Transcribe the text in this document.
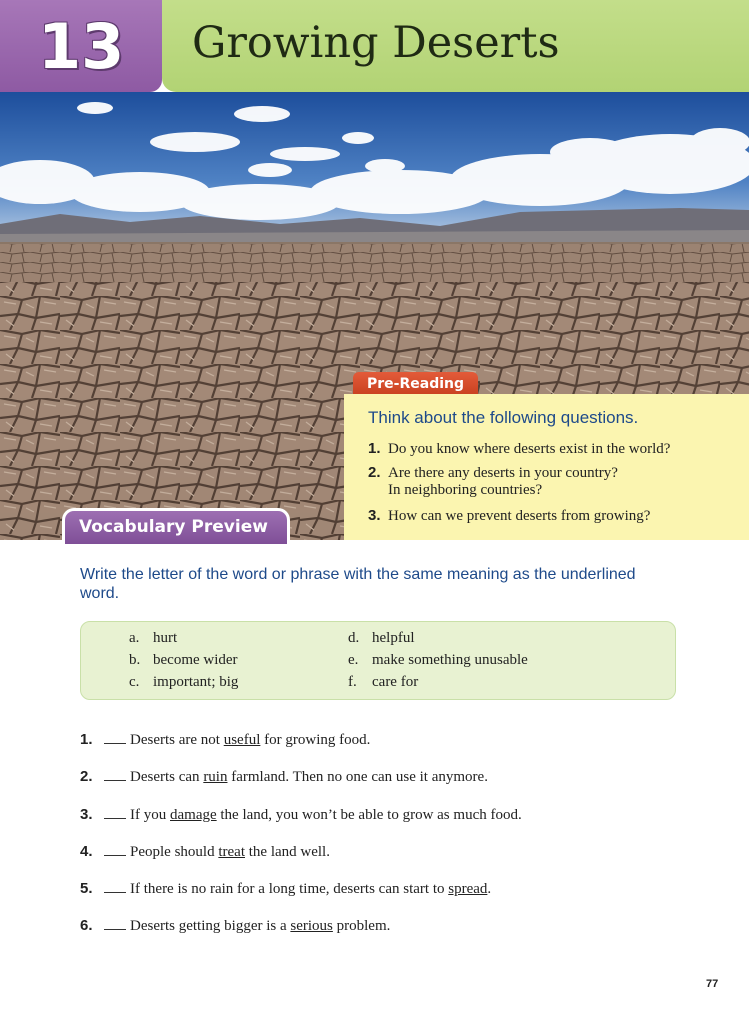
13 Growing Deserts
Pre-Reading
Think about the following questions.
1. Do you know where deserts exist in the world?
2. Are there any deserts in your country?
In neighboring countries?
3. How can we prevent deserts from growing?
Vocabulary Preview
Write the letter of the word or phrase with the same meaning as the underlined word.
a. hurt
b. become wider
c. important; big
d. helpful
e. make something unusable
f. care for
1. Deserts are not useful for growing food.
2. Deserts can ruin farmland. Then no one can use it anymore.
3. If you damage the land, you won’t be able to grow as much food.
4. People should treat the land well.
5. If there is no rain for a long time, deserts can start to spread.
6. Deserts getting bigger is a serious problem.
77
